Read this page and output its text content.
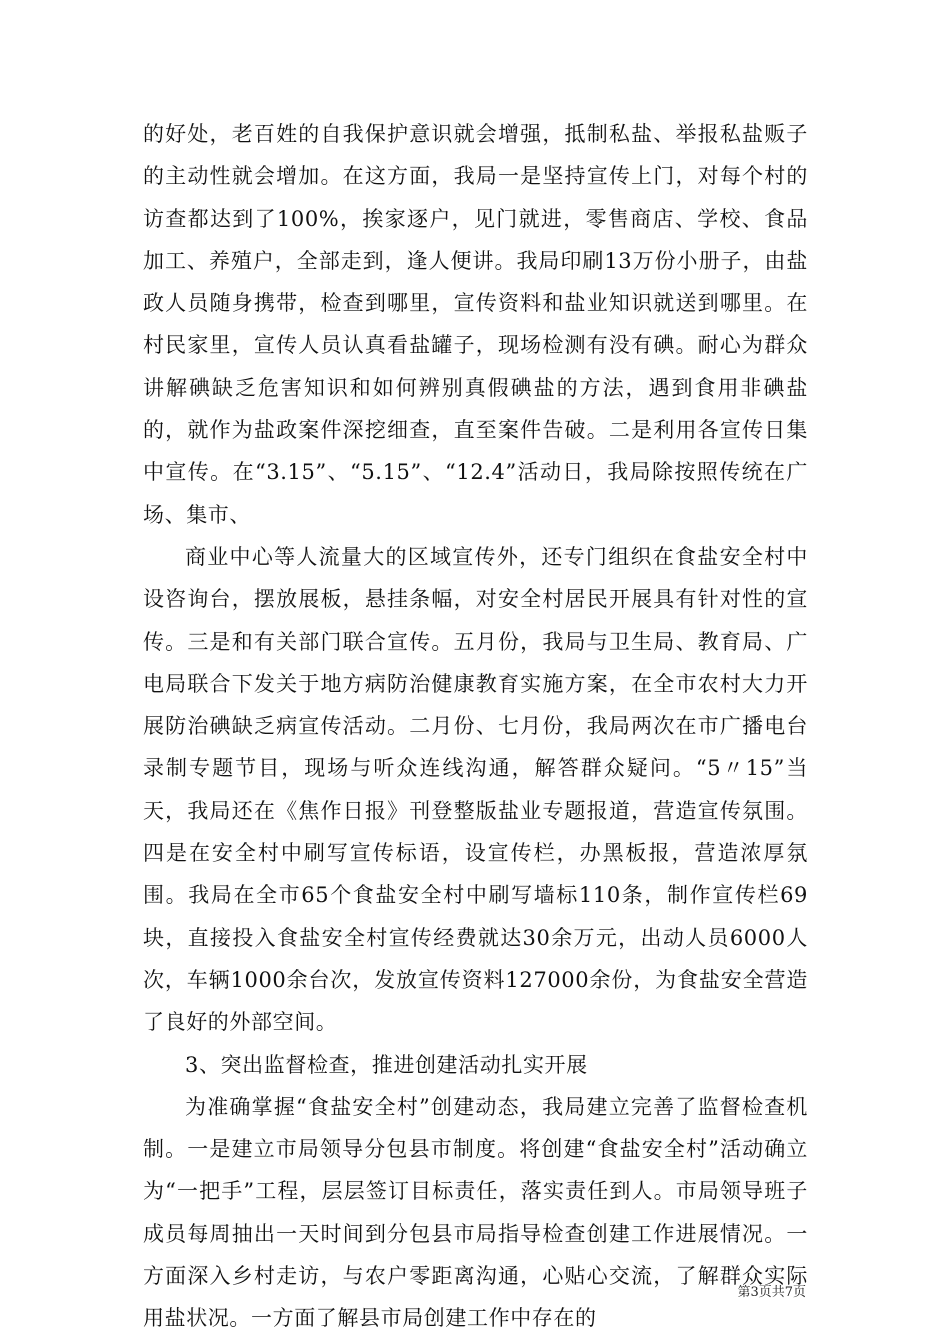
的好处，老百姓的自我保护意识就会增强，抵制私盐、举报私盐贩子的主动性就会增加。在这方面，我局一是坚持宣传上门，对每个村的访查都达到了100%，挨家逐户，见门就进，零售商店、学校、食品加工、养殖户，全部走到，逢人便讲。我局印刷13万份小册子，由盐政人员随身携带，检查到哪里，宣传资料和盐业知识就送到哪里。在村民家里，宣传人员认真看盐罐子，现场检测有没有碘。耐心为群众讲解碘缺乏危害知识和如何辨别真假碘盐的方法，遇到食用非碘盐的，就作为盐政案件深挖细查，直至案件告破。二是利用各宣传日集中宣传。在“3.15”、“5.15”、“12.4”活动日，我局除按照传统在广场、集市、

商业中心等人流量大的区域宣传外，还专门组织在食盐安全村中设咨询台，摆放展板，悬挂条幅，对安全村居民开展具有针对性的宣传。三是和有关部门联合宣传。五月份，我局与卫生局、教育局、广电局联合下发关于地方病防治健康教育实施方案，在全市农村大力开展防治碘缺乏病宣传活动。二月份、七月份，我局两次在市广播电台录制专题节目，现场与听众连线沟通，解答群众疑问。“5〃15”当天，我局还在《焦作日报》刊登整版盐业专题报道，营造宣传氛围。四是在安全村中刷写宣传标语，设宣传栏，办黑板报，营造浓厚氛围。我局在全市65个食盐安全村中刷写墙标110条，制作宣传栏69块，直接投入食盐安全村宣传经费就达30余万元，出动人员6000人次，车辆1000余台次，发放宣传资料127000余份，为食盐安全营造了良好的外部空间。

3、突出监督检查，推进创建活动扎实开展

为准确掌握“食盐安全村”创建动态，我局建立完善了监督检查机制。一是建立市局领导分包县市制度。将创建“食盐安全村”活动确立为“一把手”工程，层层签订目标责任，落实责任到人。市局领导班子成员每周抽出一天时间到分包县市局指导检查创建工作进展情况。一方面深入乡村走访，与农户零距离沟通，心贴心交流，了解群众实际用盐状况。一方面了解县市局创建工作中存在的

第3页共7页
